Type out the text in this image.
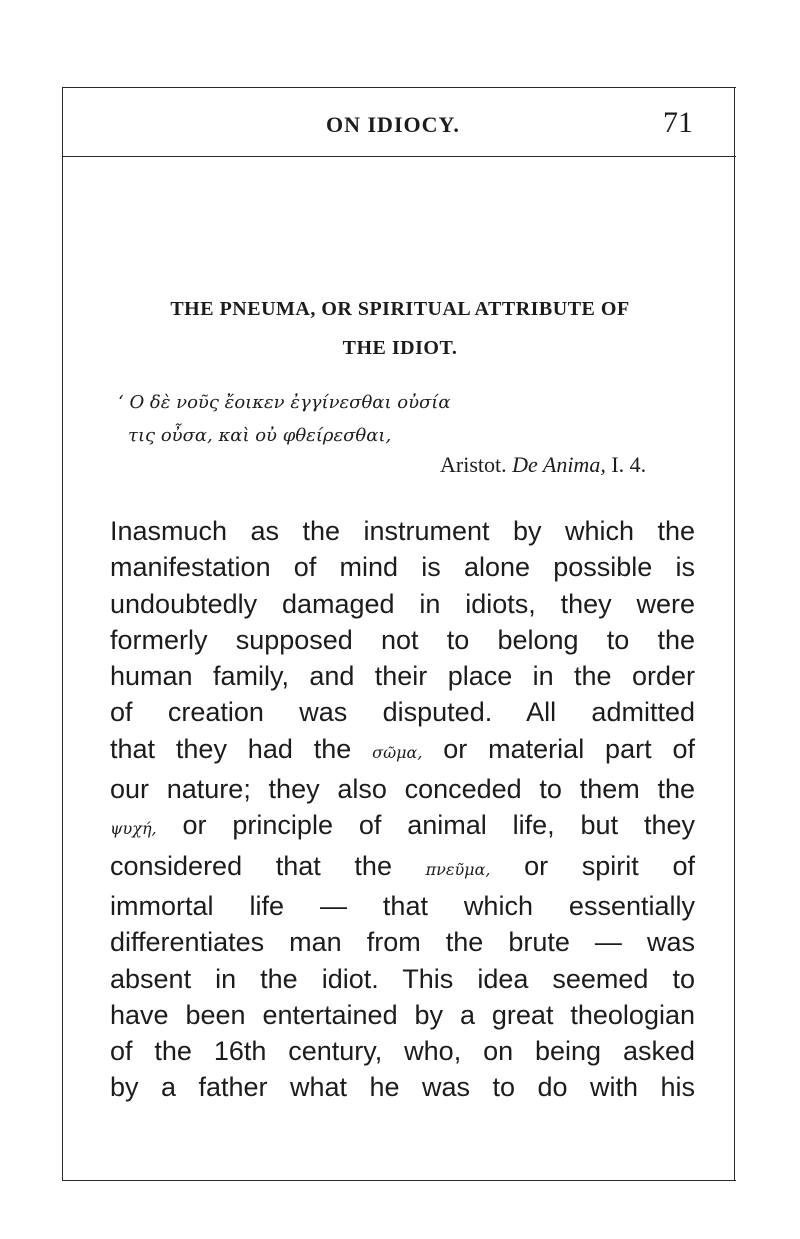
ON IDIOCY.	71
THE PNEUMA, OR SPIRITUAL ATTRIBUTE OF
THE IDIOT.
‘ Ο δὲ νοῦς ἔοικεν ἐγγίνεσθαι οὐσία
τις οὖσα, καὶ οὐ φθείρεσθαι,
Aristot. De Anima, I. 4.
Inasmuch as the instrument by which the
manifestation of mind is alone possible is
undoubtedly damaged in idiots, they were
formerly supposed not to belong to the
human family, and their place in the order
of creation was disputed. All admitted
that they had the σῶμα, or material part of
our nature; they also conceded to them the
ψυχή, or principle of animal life, but they
considered that the πνεῦμα, or spirit of
immortal life — that which essentially
differentiates man from the brute — was
absent in the idiot. This idea seemed to
have been entertained by a great theologian
of the 16th century, who, on being asked
by a father what he was to do with his
